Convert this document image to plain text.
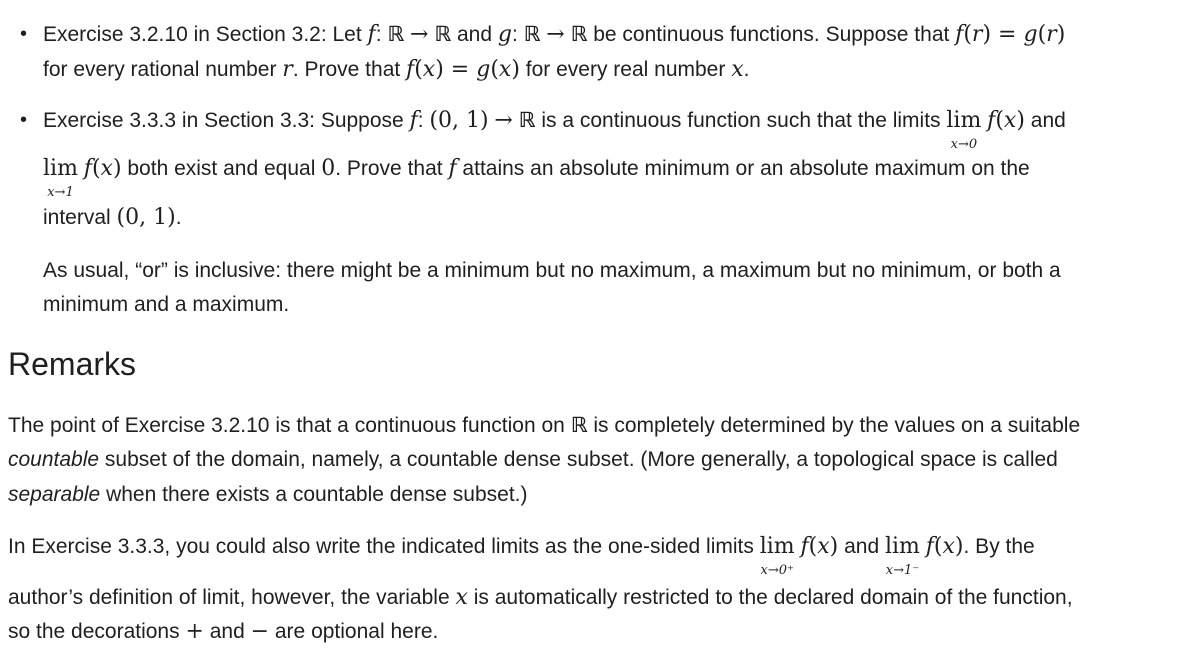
• Exercise 3.2.10 in Section 3.2: Let f: ℝ → ℝ and g: ℝ → ℝ be continuous functions. Suppose that f(r) = g(r)
for every rational number r. Prove that f(x) = g(x) for every real number x.
• Exercise 3.3.3 in Section 3.3: Suppose f: (0, 1) → ℝ is a continuous function such that the limits lim
x→0
f(x) and
lim
x→1
f(x) both exist and equal 0. Prove that f attains an absolute minimum or an absolute maximum on the
interval (0, 1).
As usual, “or” is inclusive: there might be a minimum but no maximum, a maximum but no minimum, or both a
minimum and a maximum.
Remarks
The point of Exercise 3.2.10 is that a continuous function on ℝ is completely determined by the values on a suitable
countable subset of the domain, namely, a countable dense subset. (More generally, a topological space is called
separable when there exists a countable dense subset.)
In Exercise 3.3.3, you could also write the indicated limits as the one-sided limits lim
x→0⁺
f(x) and lim
x→1⁻
f(x). By the
author’s definition of limit, however, the variable x is automatically restricted to the declared domain of the function,
so the decorations + and − are optional here.
